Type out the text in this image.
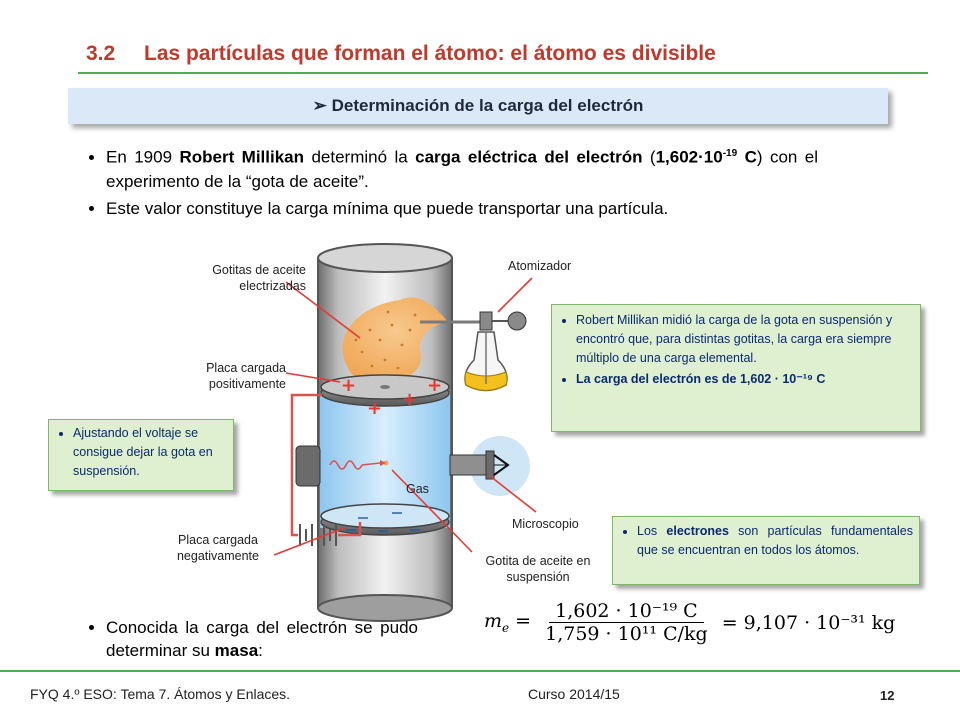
3.2 Las partículas que forman el átomo: el átomo es divisible
➢ Determinación de la carga del electrón
• En 1909 Robert Millikan determinó la carga eléctrica del electrón ($1,602\cdot 10^{-19}$ C) con el experimento de la “gota de aceite”.
• Este valor constituye la carga mínima que puede transportar una partícula.
+	+
+ +
Gotitas de aceite electrizadas
Atomizador
Placa cargada positivamente
Gas
Microscopio
Placa cargada negativamente	Gotita de aceite en suspensión
• Ajustando el voltaje se consigue dejar la gota en suspensión.
• Robert Millikan midió la carga de la gota en suspensión y encontró que, para distintas gotitas, la carga era siempre múltiplo de una carga elemental.
• La carga del electrón es de 1,602 · 10⁻¹⁹ C
• Los electrones son partículas fundamentales que se encuentran en todos los átomos.
• Conocida la carga del electrón se pudo determinar su masa:
$m_e = \frac{\text{1,602 · 10⁻¹⁹ C}}{\text{1,759 · 10¹¹ C/kg}} = 9,107 \cdot 10^{-31}$ kg
FYQ 4.º ESO: Tema 7. Átomos y Enlaces.	Curso 2014/15	12
